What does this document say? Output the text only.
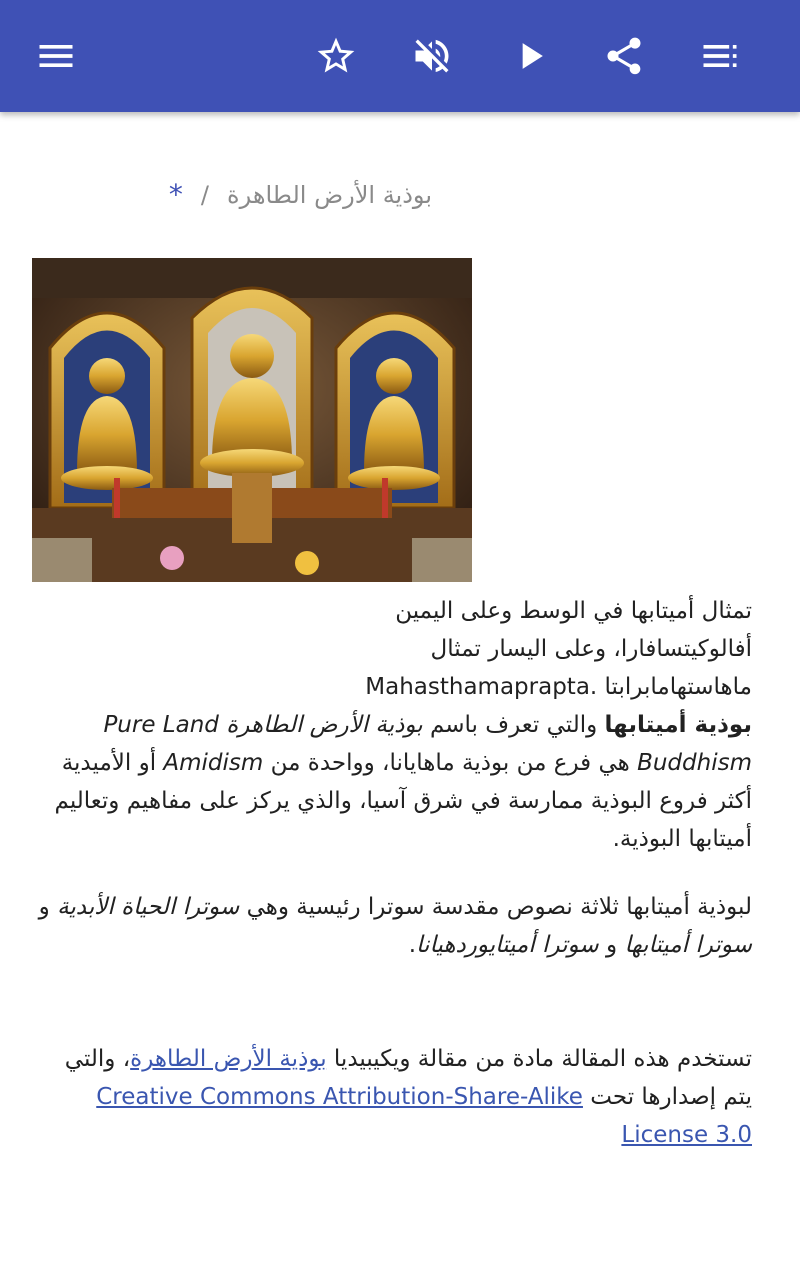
بوذية الأرض الطاهرة/*

تمثال أميتابها في الوسط وعلى اليمين
أفالوكيتسافارا، وعلى اليسار تمثال
ماهاستهامابرابتا Mahasthamaprapta.

بوذية أميتابها والتي تعرف باسم بوذية الأرض الطاهرة Pure Land Buddhism هي فرع من بوذية ماهايانا، وواحدة من Amidism أو الأميدية أكثر فروع البوذية ممارسة في شرق آسيا، والذي يركز على مفاهيم وتعاليم أميتابها البوذية.

لبوذية أميتابها ثلاثة نصوص مقدسة سوترا رئيسية وهي سوترا الحياة الأبدية و سوترا أميتابها و سوترا أميتايوردهيانا.

تستخدم هذه المقالة مادة من مقالة ويكيبيديا بوذية الأرض الطاهرة، والتي يتم إصدارها تحت Creative Commons Attribution-Share-Alike License 3.0
